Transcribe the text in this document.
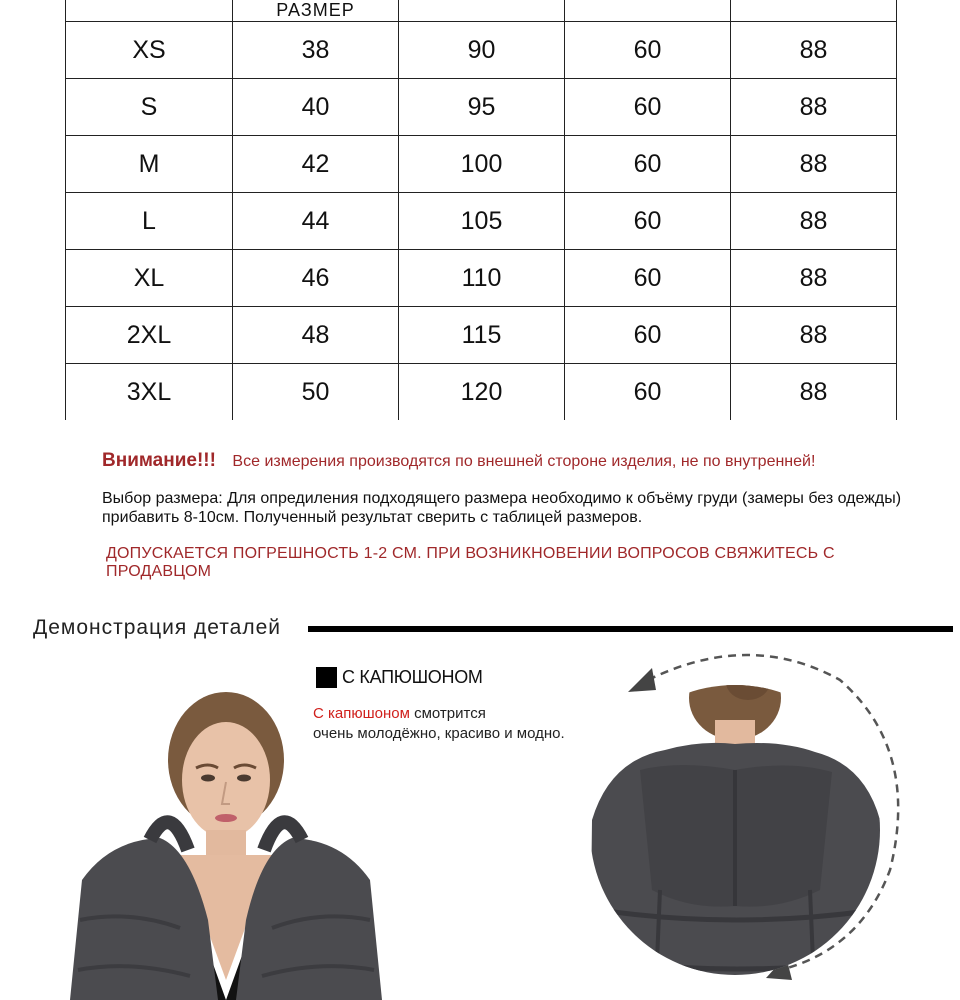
	РАЗМЕР			
XS	38	90	60	88
S	40	95	60	88
M	42	100	60	88
L	44	105	60	88
XL	46	110	60	88
2XL	48	115	60	88
3XL	50	120	60	88
Внимание!!! Все измерения производятся по внешней стороне изделия, не по внутренней!
Выбор размера: Для опредиления подходящего размера необходимо к объёму груди (замеры без одежды) прибавить 8-10см. Полученный результат сверить с таблицей размеров.
ДОПУСКАЕТСЯ ПОГРЕШНОСТЬ 1-2 СМ. ПРИ ВОЗНИКНОВЕНИИ ВОПРОСОВ СВЯЖИТЕСЬ С ПРОДАВЦОМ
Демонстрация деталей
С КАПЮШОНОМ
С капюшоном смотрится
очень молодёжно, красиво и модно.
